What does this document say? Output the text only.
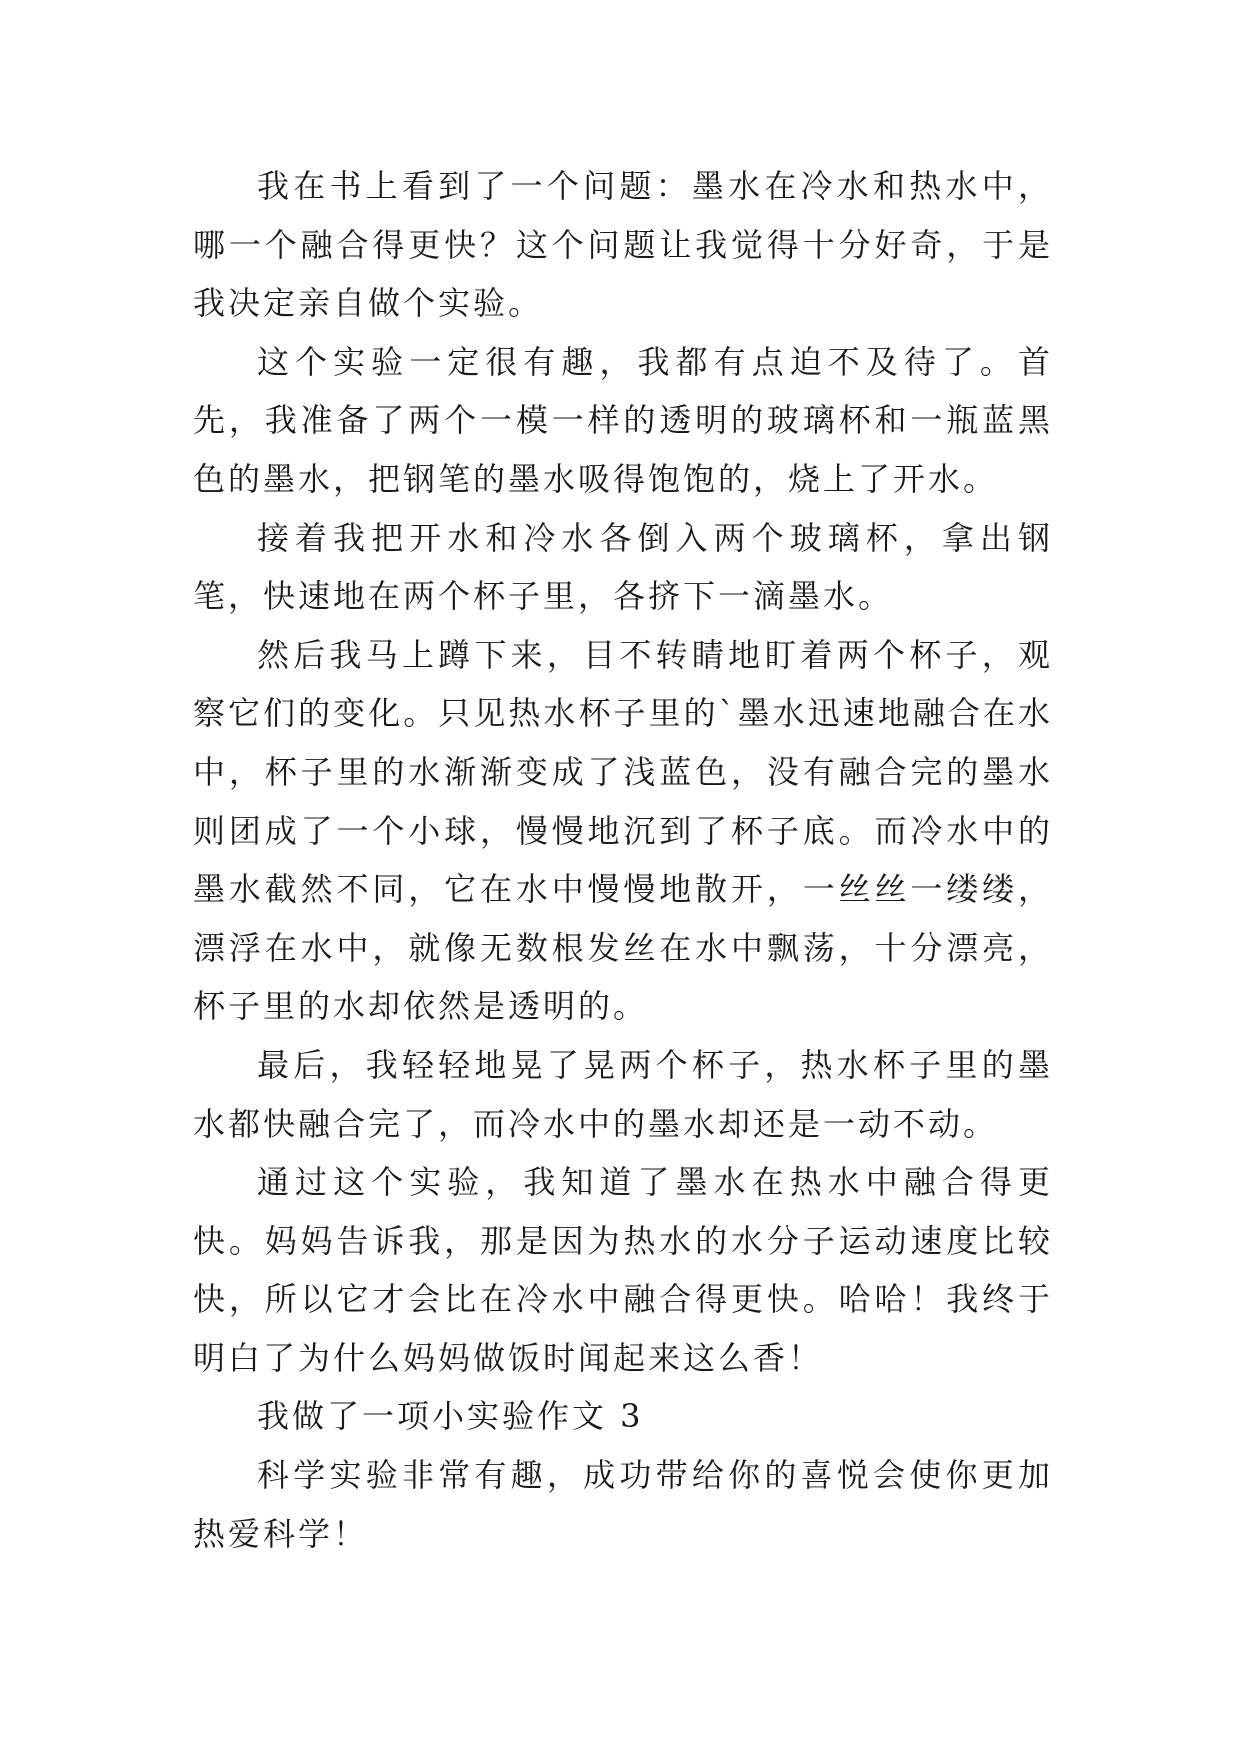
我在书上看到了一个问题：墨水在冷水和热水中，哪一个融合得更快？这个问题让我觉得十分好奇，于是我决定亲自做个实验。

这个实验一定很有趣，我都有点迫不及待了。首先，我准备了两个一模一样的透明的玻璃杯和一瓶蓝黑色的墨水，把钢笔的墨水吸得饱饱的，烧上了开水。

接着我把开水和冷水各倒入两个玻璃杯，拿出钢笔，快速地在两个杯子里，各挤下一滴墨水。

然后我马上蹲下来，目不转睛地盯着两个杯子，观察它们的变化。只见热水杯子里的`墨水迅速地融合在水中，杯子里的水渐渐变成了浅蓝色，没有融合完的墨水则团成了一个小球，慢慢地沉到了杯子底。而冷水中的墨水截然不同，它在水中慢慢地散开，一丝丝一缕缕，漂浮在水中，就像无数根发丝在水中飘荡，十分漂亮，杯子里的水却依然是透明的。

最后，我轻轻地晃了晃两个杯子，热水杯子里的墨水都快融合完了，而冷水中的墨水却还是一动不动。

通过这个实验，我知道了墨水在热水中融合得更快。妈妈告诉我，那是因为热水的水分子运动速度比较快，所以它才会比在冷水中融合得更快。哈哈！我终于明白了为什么妈妈做饭时闻起来这么香！

我做了一项小实验作文 3

科学实验非常有趣，成功带给你的喜悦会使你更加热爱科学！
